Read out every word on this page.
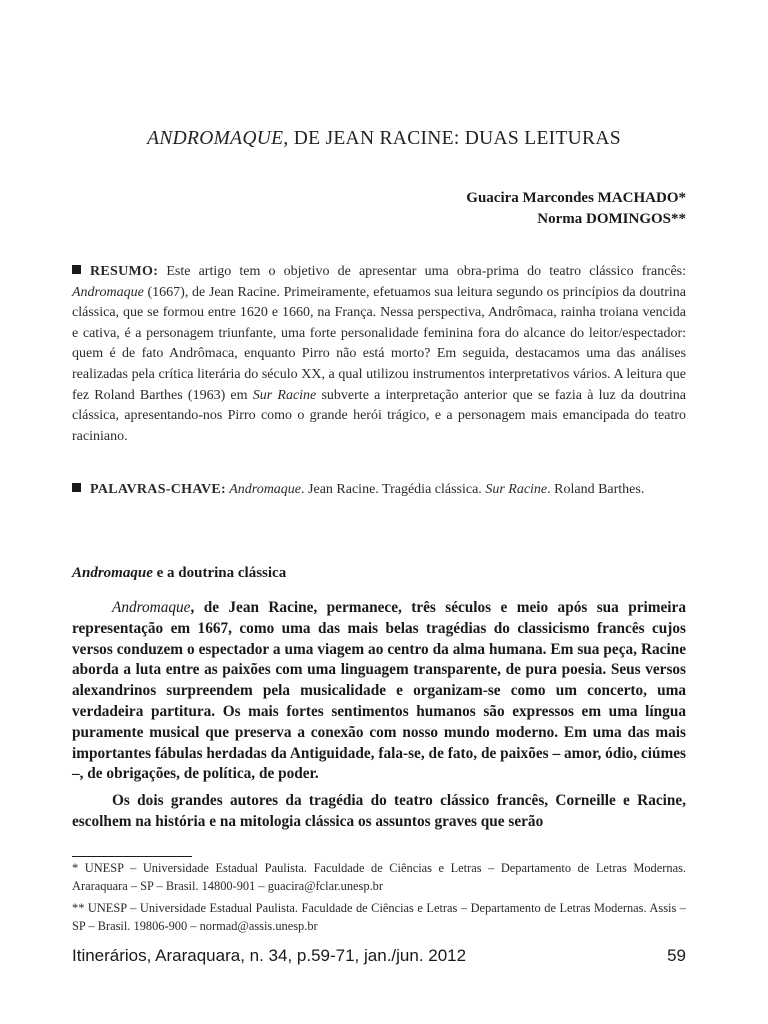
ANDROMAQUE, DE JEAN RACINE: DUAS LEITURAS
Guacira Marcondes MACHADO*
Norma DOMINGOS**
RESUMO: Este artigo tem o objetivo de apresentar uma obra-prima do teatro clássico francês: Andromaque (1667), de Jean Racine. Primeiramente, efetuamos sua leitura segundo os princípios da doutrina clássica, que se formou entre 1620 e 1660, na França. Nessa perspectiva, Andrômaca, rainha troiana vencida e cativa, é a personagem triunfante, uma forte personalidade feminina fora do alcance do leitor/espectador: quem é de fato Andrômaca, enquanto Pirro não está morto? Em seguida, destacamos uma das análises realizadas pela crítica literária do século XX, a qual utilizou instrumentos interpretativos vários. A leitura que fez Roland Barthes (1963) em Sur Racine subverte a interpretação anterior que se fazia à luz da doutrina clássica, apresentando-nos Pirro como o grande herói trágico, e a personagem mais emancipada do teatro raciniano.
PALAVRAS-CHAVE: Andromaque. Jean Racine. Tragédia clássica. Sur Racine. Roland Barthes.
Andromaque e a doutrina clássica

Andromaque, de Jean Racine, permanece, três séculos e meio após sua primeira representação em 1667, como uma das mais belas tragédias do classicismo francês cujos versos conduzem o espectador a uma viagem ao centro da alma humana. Em sua peça, Racine aborda a luta entre as paixões com uma linguagem transparente, de pura poesia. Seus versos alexandrinos surpreendem pela musicalidade e organizam-se como um concerto, uma verdadeira partitura. Os mais fortes sentimentos humanos são expressos em uma língua puramente musical que preserva a conexão com nosso mundo moderno. Em uma das mais importantes fábulas herdadas da Antiguidade, fala-se, de fato, de paixões – amor, ódio, ciúmes –, de obrigações, de política, de poder.

Os dois grandes autores da tragédia do teatro clássico francês, Corneille e Racine, escolhem na história e na mitologia clássica os assuntos graves que serão

* UNESP – Universidade Estadual Paulista. Faculdade de Ciências e Letras – Departamento de Letras Modernas. Araraquara – SP – Brasil. 14800-901 – guacira@fclar.unesp.br

** UNESP – Universidade Estadual Paulista. Faculdade de Ciências e Letras – Departamento de Letras Modernas. Assis – SP – Brasil. 19806-900 – normad@assis.unesp.br

Itinerários, Araraquara, n. 34, p.59-71, jan./jun. 2012	59
